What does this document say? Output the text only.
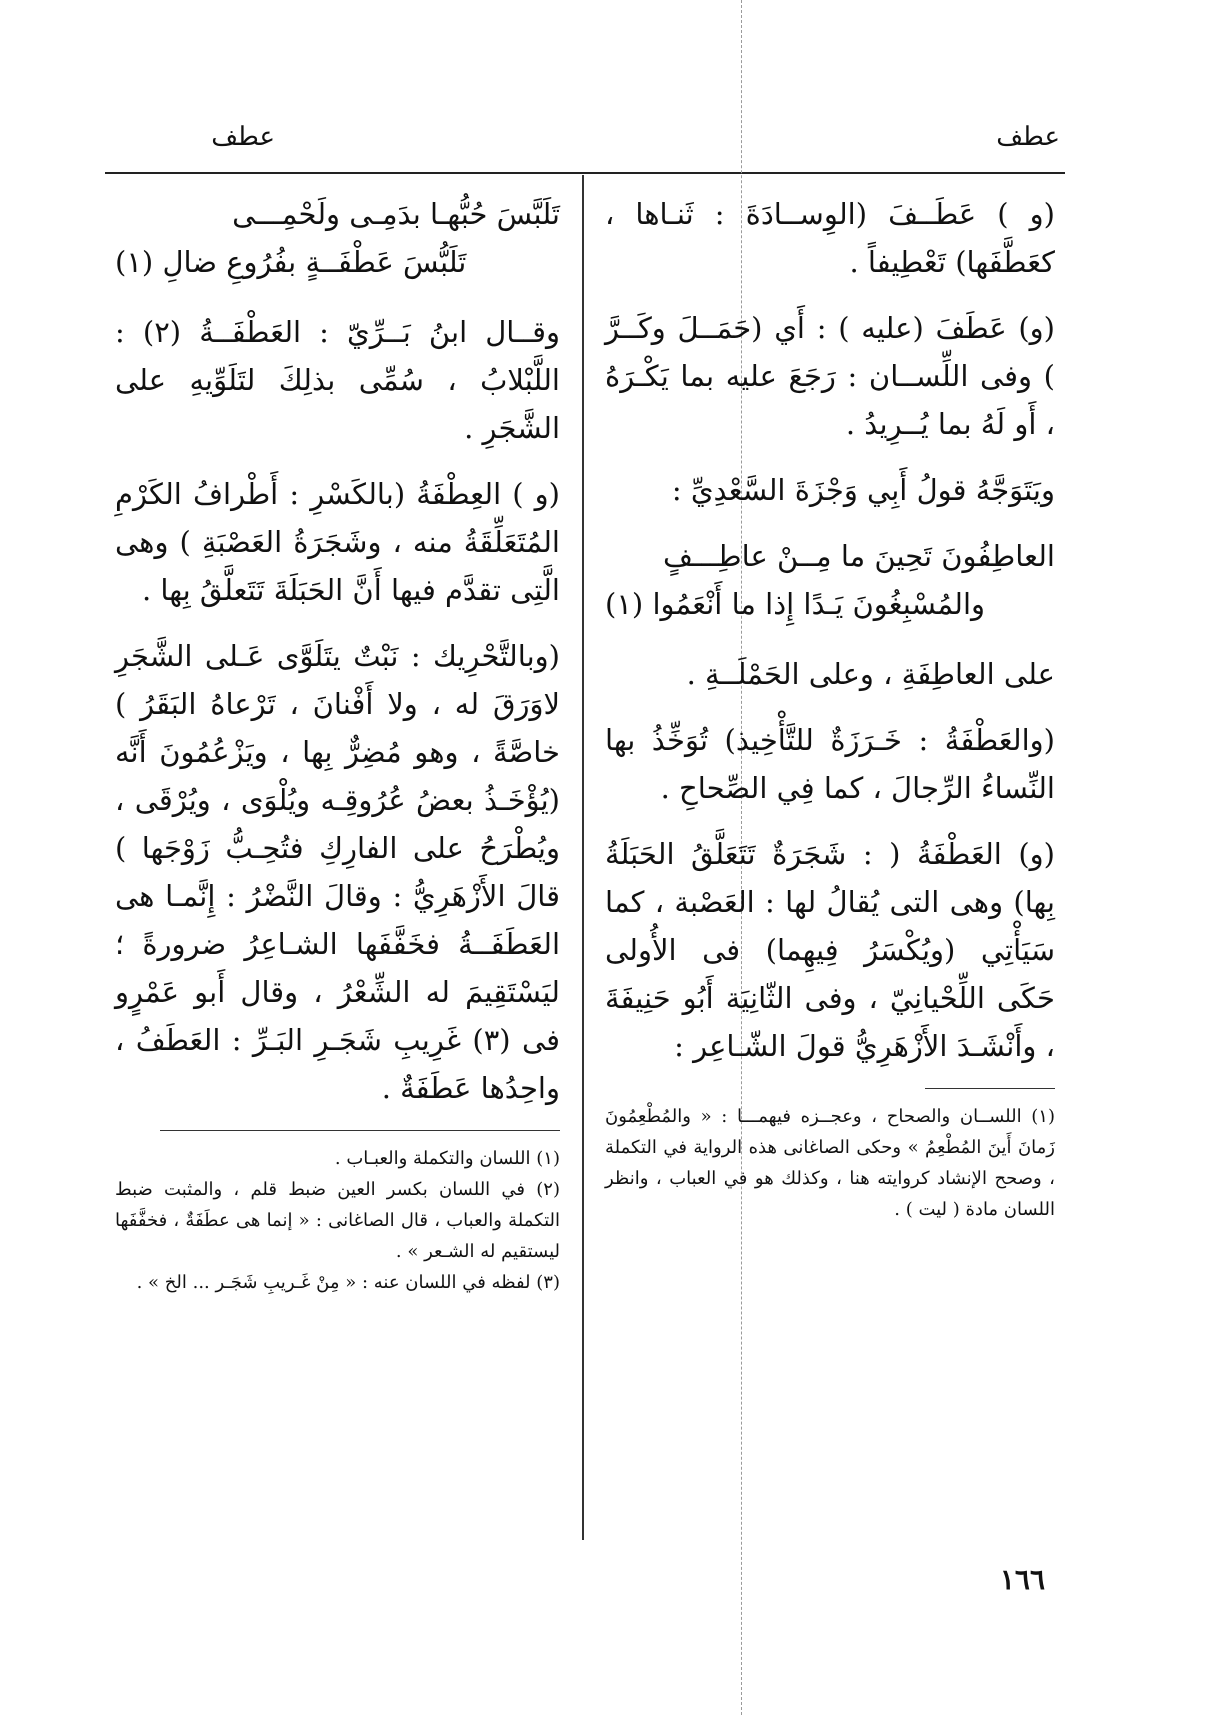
عطف
عطف

(و ) عَطَــفَ (الوِســادَةَ : ثَنـاها ، كعَطَّفَها) تَعْطِيفاً .

(و) عَطَفَ (عليه ) : أَي (حَمَــلَ وكَــرَّ ) وفى اللِّســان : رَجَعَ عليه بما يَكْـرَهُ ، أَو لَهُ بما يُــرِيدُ .

ويَتَوَجَّهُ قولُ أَبِي وَجْزَةَ السَّعْدِيِّ :

العاطِفُونَ تَحِينَ ما مِــنْ عاطِـــفٍ

والمُسْبِغُونَ يَـدًا إِذا ما أَنْعَمُوا (١)

على العاطِفَةِ ، وعلى الحَمْلَــةِ .

(والعَطْفَةُ : خَـرَزَةٌ للتَّأْخِيذ) تُوَخِّذُ بها النِّساءُ الرِّجالَ ، كما فِي الصِّحاحِ .

(و) العَطْفَةُ ( : شَجَرَةٌ تَتَعَلَّقُ الحَبَلَةُ بِها) وهى التى يُقالُ لها : العَصْبة ، كما سَيَأْتِي (ويُكْسَرُ فِيهِما) فى الأُولى حَكَى اللِّحْيانِيّ ، وفى الثّانِيَة أَبُو حَنِيفَةَ ، وأَنْشَـدَ الأَزْهَرِيُّ قولَ الشّـاعِر :

(١) اللســان والصحاح ، وعجــزه فيهمـــا : « والمُطْعِمُونَ زَمانَ أَينَ المُطْعِمُ » وحكى الصاغانى هذه الرواية في التكملة ، وصحح الإنشاد كروايته هنا ، وكذلك هو في العباب ، وانظر اللسان مادة ( ليت ) .

تَلَبَّسَ حُبُّهـا بدَمِـى ولَحْمِـــى

تَلَبُّسَ عَطْفَــةٍ بفُرُوعِ ضالِ (١)

وقــال ابنُ بَــرِّيّ : العَطْفَــةُ (٢) : اللَّبْلابُ ، سُمِّى بذلِكَ لتَلَوِّيهِ على الشَّجَرِ .

(و ) العِطْفَةُ (بالكَسْرِ : أَطْرافُ الكَرْمِ المُتَعَلِّقَةُ منه ، وشَجَرَةُ العَصْبَةِ ) وهى الَّتِى تقدَّم فيها أَنَّ الحَبَلَةَ تَتَعلَّقُ بِها .

(وبالتَّحْرِيك : نَبْتٌ يتَلَوَّى عَـلى الشَّجَرِ لاوَرَقَ له ، ولا أَفْنانَ ، تَرْعاهُ البَقَرُ ) خاصَّةً ، وهو مُضِرٌّ بِها ، ويَزْعُمُونَ أَنَّه (يُؤْخَـذُ بعضُ عُرُوقِـه ويُلْوَى ، ويُرْقَى ، ويُطْرَحُ على الفارِكِ فتُحِـبُّ زَوْجَها ) قالَ الأَزْهَرِيُّ : وقالَ النَّضْرُ : إِنَّمـا هى العَطَفَــةُ فخَفَّفَها الشـاعِرُ ضرورةً ؛ ليَسْتَقِيمَ له الشِّعْرُ ، وقال أَبو عَمْرٍو فى (٣) غَرِيبِ شَجَـرِ البَـرِّ : العَطَفُ ، واحِدُها عَطَفَةٌ .

(١) اللسان والتكملة والعبـاب .

(٢) في اللسان بكسر العين ضبط قلم ، والمثبت ضبط التكملة والعباب ، قال الصاغانى : « إنما هى عطَفَةٌ ، فخفَّفَها ليستقيم له الشـعر » .

(٣) لفظه في اللسان عنه : « مِنْ غَـريبِ شَجَـر ... الخ » .

١٦٦
